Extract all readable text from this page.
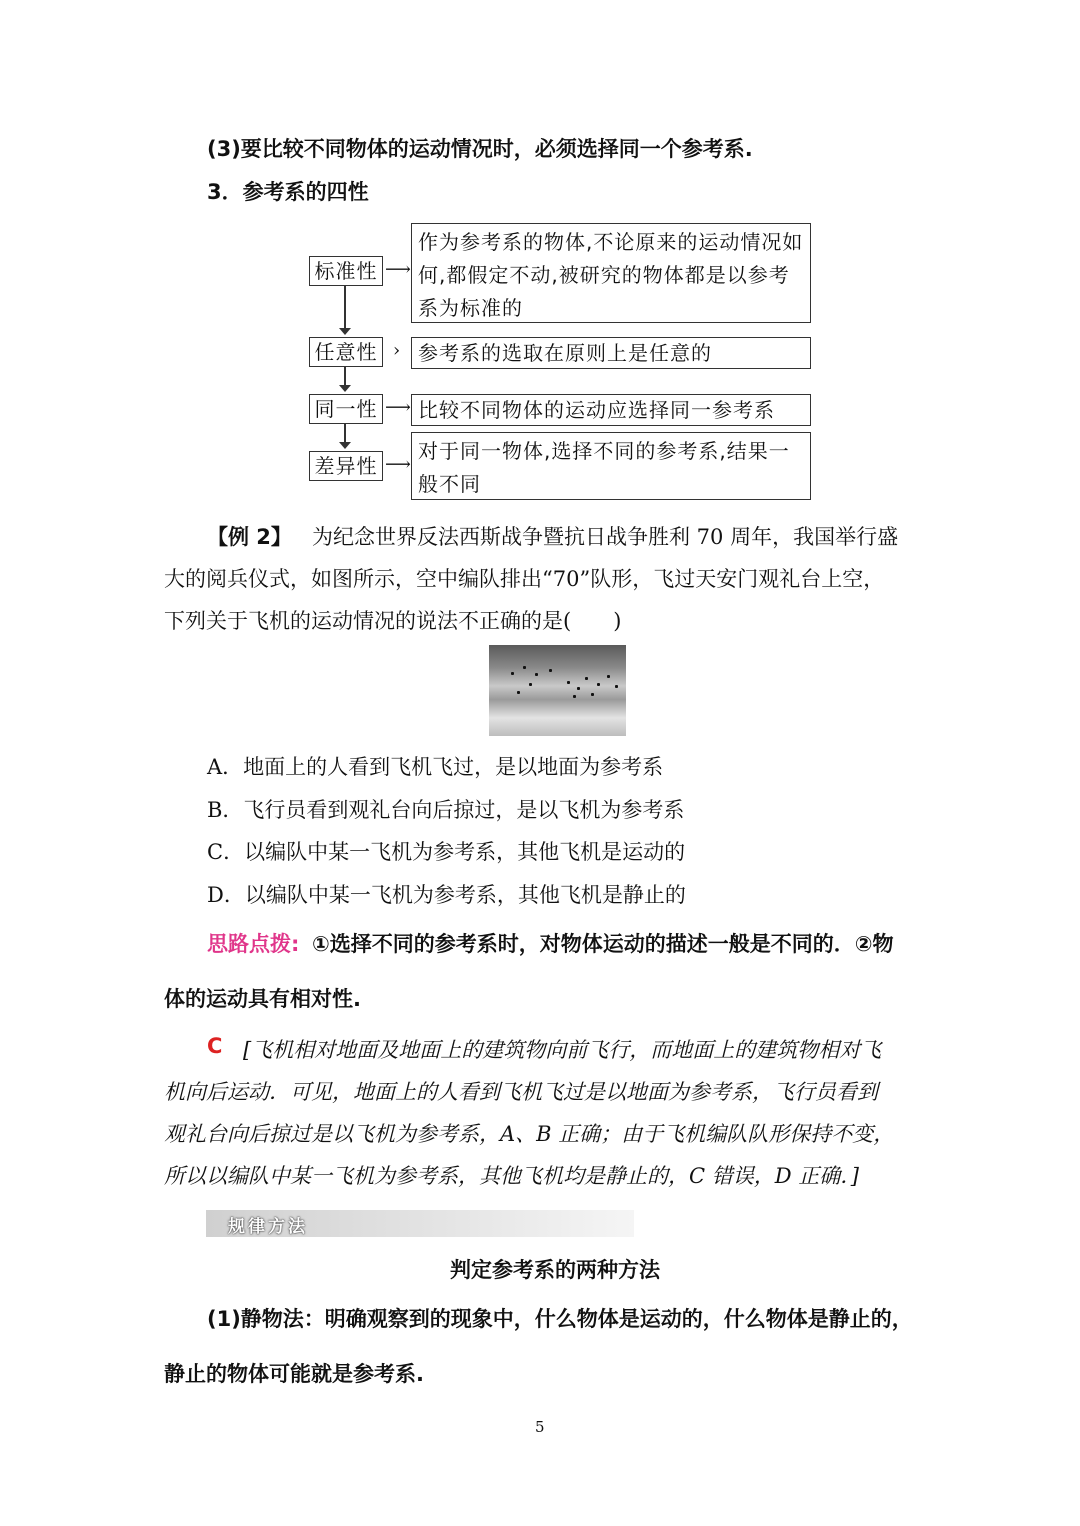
(3)要比较不同物体的运动情况时，必须选择同一个参考系.
3．参考系的四性
标准性 ⟶
作为参考系的物体,不论原来的运动情况如何,都假定不动,被研究的物体都是以参考系为标准的
任意性 › 参考系的选取在原则上是任意的
同一性 ⟶ 比较不同物体的运动应选择同一参考系
差异性 ⟶
对于同一物体,选择不同的参考系,结果一般不同
【例 2】 为纪念世界反法西斯战争暨抗日战争胜利 70 周年，我国举行盛
大的阅兵仪式，如图所示，空中编队排出“70”队形，飞过天安门观礼台上空，
下列关于飞机的运动情况的说法不正确的是(　　)
A．地面上的人看到飞机飞过，是以地面为参考系
B．飞行员看到观礼台向后掠过，是以飞机为参考系
C．以编队中某一飞机为参考系，其他飞机是运动的
D．以编队中某一飞机为参考系，其他飞机是静止的
思路点拨: ①选择不同的参考系时，对物体运动的描述一般是不同的．②物
体的运动具有相对性.
C [飞机相对地面及地面上的建筑物向前飞行，而地面上的建筑物相对飞
机向后运动．可见，地面上的人看到飞机飞过是以地面为参考系，飞行员看到
观礼台向后掠过是以飞机为参考系，A、B 正确；由于飞机编队队形保持不变，
所以以编队中某一飞机为参考系，其他飞机均是静止的，C 错误，D 正确．]
规律方法
判定参考系的两种方法
(1)静物法：明确观察到的现象中，什么物体是运动的，什么物体是静止的，
静止的物体可能就是参考系.
5
